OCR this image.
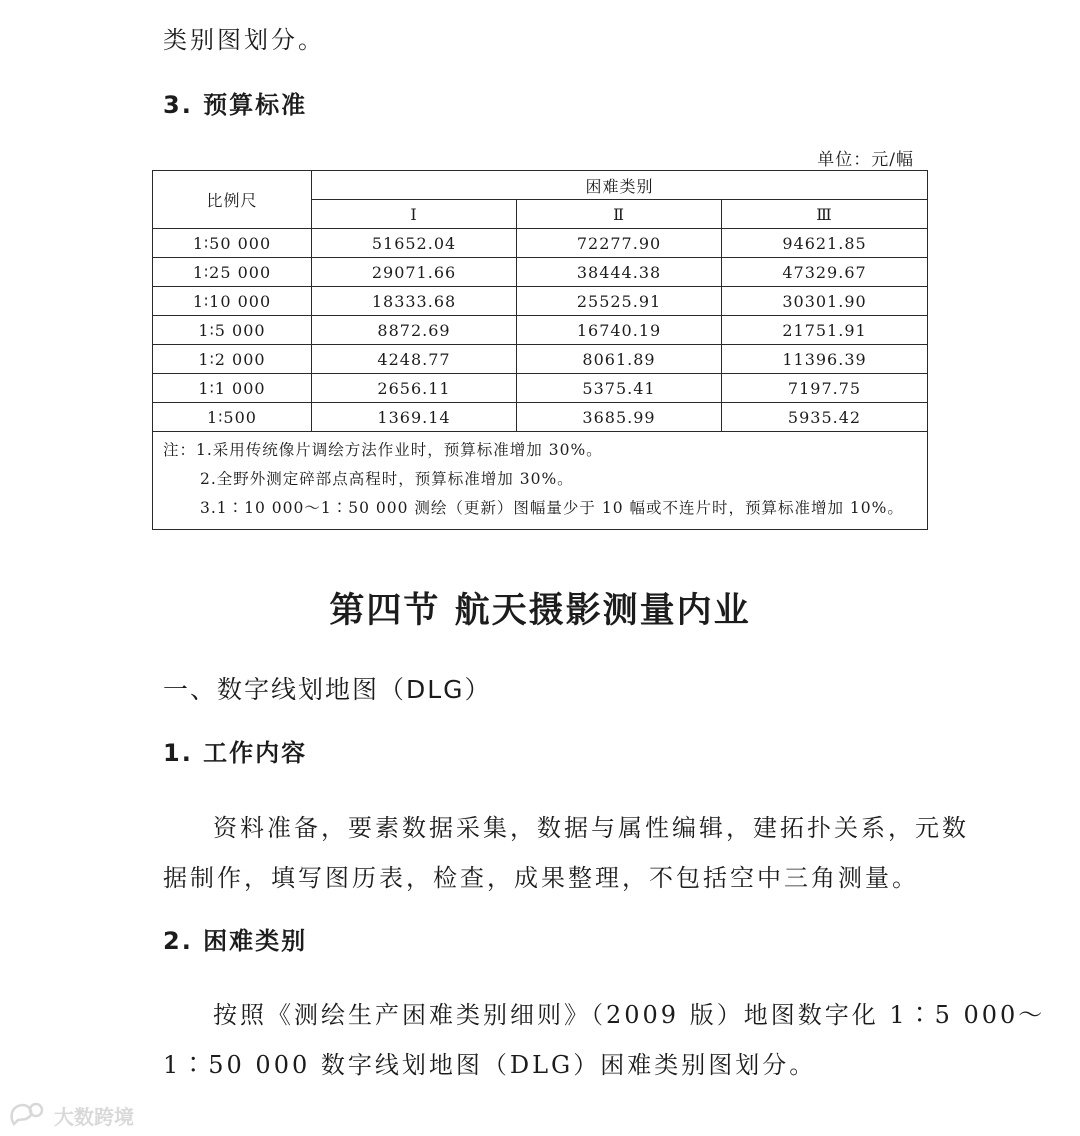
类别图划分。
3. 预算标准
单位：元/幅
比例尺	困难类别		
	Ⅰ	Ⅱ	Ⅲ
1∶50 000	51652.04	72277.90	94621.85
1∶25 000	29071.66	38444.38	47329.67
1∶10 000	18333.68	25525.91	30301.90
1∶5 000	8872.69	16740.19	21751.91
1∶2 000	4248.77	8061.89	11396.39
1∶1 000	2656.11	5375.41	7197.75
1∶500	1369.14	3685.99	5935.42

注：1.采用传统像片调绘方法作业时，预算标准增加 30%。
2.全野外测定碎部点高程时，预算标准增加 30%。
3.1∶10 000～1∶50 000 测绘（更新）图幅量少于 10 幅或不连片时，预算标准增加 10%。			
第四节 航天摄影测量内业
一、数字线划地图（DLG）
1. 工作内容
资料准备，要素数据采集，数据与属性编辑，建拓扑关系，元数
据制作，填写图历表，检查，成果整理，不包括空中三角测量。
2. 困难类别
按照《测绘生产困难类别细则》（2009 版）地图数字化 1∶5 000～
1∶50 000 数字线划地图（DLG）困难类别图划分。
大数跨境
